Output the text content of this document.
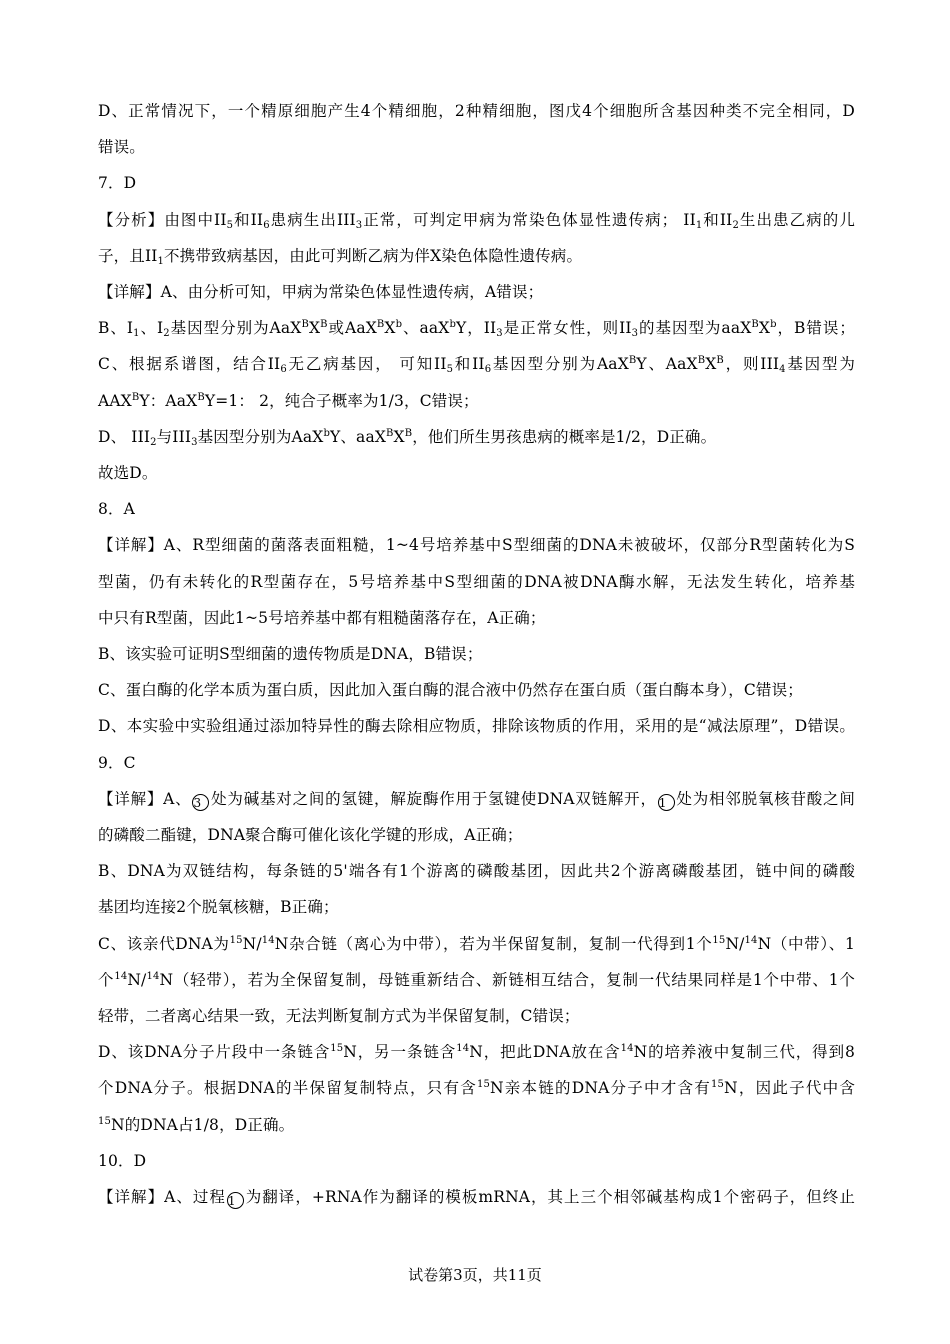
D、正常情况下，一个精原细胞产生4个精细胞，2种精细胞，图戊4个细胞所含基因种类不完全相同，D
错误。
7．D
【分析】由图中$II_5$和$II_6$患病生出$III_3$正常，可判定甲病为常染色体显性遗传病； $II_1$和$II_2$生出患乙病的儿
子，且$II_1$不携带致病基因，由此可判断乙病为伴X染色体隐性遗传病。
【详解】A、由分析可知，甲病为常染色体显性遗传病，A错误；
B、$I_1$、$I_2$基因型分别为$AaX^BX^B$或$AaX^BX^b$、aaX$^b$Y，$II_3$是正常女性，则$II_3$的基因型为$aaX^BX^b$，B错误；
C、根据系谱图，结合$II_6$无乙病基因， 可知$II_5$和$II_6$基因型分别为AaX$^B$Y、$AaX^BX^B$，则$III_4$基因型为
$AAX^BY$：AaX$^B$Y=1： 2，纯合子概率为1/3，C错误；
D、 $III_2$与$III_3$基因型分别为AaX$^b$Y、$aaX^BX^B$，他们所生男孩患病的概率是1/2，D正确。
故选D。
8．A
【详解】A、R型细菌的菌落表面粗糙，1~4号培养基中S型细菌的DNA未被破坏，仅部分R型菌转化为S
型菌，仍有未转化的R型菌存在，5号培养基中S型细菌的DNA被DNA酶水解，无法发生转化，培养基
中只有R型菌，因此1~5号培养基中都有粗糙菌落存在，A正确；
B、该实验可证明S型细菌的遗传物质是DNA，B错误；
C、蛋白酶的化学本质为蛋白质，因此加入蛋白酶的混合液中仍然存在蛋白质（蛋白酶本身），C错误；
D、本实验中实验组通过添加特异性的酶去除相应物质，排除该物质的作用，采用的是“减法原理”，D错误。
9．C
【详解】A、 3 处为碱基对之间的氢键，解旋酶作用于氢键使DNA双链解开， 1 处为相邻脱氧核苷酸之间
的磷酸二酯键，DNA聚合酶可催化该化学键的形成，A正确；
B、DNA为双链结构，每条链的5'端各有1个游离的磷酸基团，因此共2个游离磷酸基团，链中间的磷酸
基团均连接2个脱氧核糖，B正确；
C、该亲代DNA为$^{15}$N/$^{14}$N杂合链（离心为中带），若为半保留复制，复制一代得到1个$^{15}$N/$^{14}$N（中带）、1
个$^{14}$N/$^{14}$N（轻带），若为全保留复制，母链重新结合、新链相互结合，复制一代结果同样是1个中带、1个
轻带，二者离心结果一致，无法判断复制方式为半保留复制，C错误；
D、该DNA分子片段中一条链含$^{15}$N，另一条链含$^{14}$N，把此DNA放在含$^{14}$N的培养液中复制三代，得到8
个DNA分子。根据DNA的半保留复制特点，只有含$^{15}$N亲本链的DNA分子中才含有$^{15}$N，因此子代中含
$^{15}$N的DNA占1/8，D正确。
10．D
【详解】A、过程 1 为翻译，+RNA作为翻译的模板mRNA，其上三个相邻碱基构成1个密码子，但终止
试卷第3页，共11页
